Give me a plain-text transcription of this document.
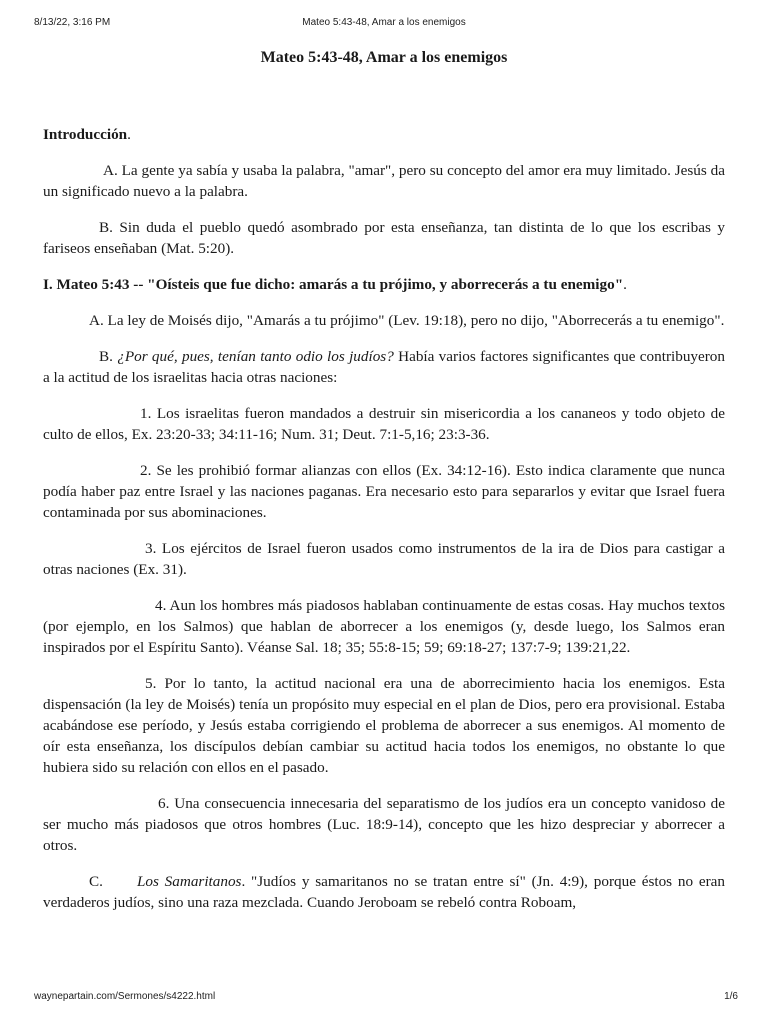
8/13/22, 3:16 PM	Mateo 5:43-48, Amar a los enemigos
Mateo 5:43-48, Amar a los enemigos

Introducción.

A. La gente ya sabía y usaba la palabra, "amar", pero su concepto del amor era muy limitado. Jesús da un significado nuevo a la palabra.

B. Sin duda el pueblo quedó asombrado por esta enseñanza, tan distinta de lo que los escribas y fariseos enseñaban (Mat. 5:20).

I. Mateo 5:43 -- "Oísteis que fue dicho: amarás a tu prójimo, y aborrecerás a tu enemigo".

A. La ley de Moisés dijo, "Amarás a tu prójimo" (Lev. 19:18), pero no dijo, "Aborrecerás a tu enemigo".

B. ¿Por qué, pues, tenían tanto odio los judíos? Había varios factores significantes que contribuyeron a la actitud de los israelitas hacia otras naciones:

1. Los israelitas fueron mandados a destruir sin misericordia a los cananeos y todo objeto de culto de ellos, Ex. 23:20-33; 34:11-16; Num. 31; Deut. 7:1-5,16; 23:3-36.

2. Se les prohibió formar alianzas con ellos (Ex. 34:12-16). Esto indica claramente que nunca podía haber paz entre Israel y las naciones paganas. Era necesario esto para separarlos y evitar que Israel fuera contaminada por sus abominaciones.

3. Los ejércitos de Israel fueron usados como instrumentos de la ira de Dios para castigar a otras naciones (Ex. 31).

4. Aun los hombres más piadosos hablaban continuamente de estas cosas. Hay muchos textos (por ejemplo, en los Salmos) que hablan de aborrecer a los enemigos (y, desde luego, los Salmos eran inspirados por el Espíritu Santo). Véanse Sal. 18; 35; 55:8-15; 59; 69:18-27; 137:7-9; 139:21,22.

5. Por lo tanto, la actitud nacional era una de aborrecimiento hacia los enemigos. Esta dispensación (la ley de Moisés) tenía un propósito muy especial en el plan de Dios, pero era provisional. Estaba acabándose ese período, y Jesús estaba corrigiendo el problema de aborrecer a sus enemigos. Al momento de oír esta enseñanza, los discípulos debían cambiar su actitud hacia todos los enemigos, no obstante lo que hubiera sido su relación con ellos en el pasado.

6. Una consecuencia innecesaria del separatismo de los judíos era un concepto vanidoso de ser mucho más piadosos que otros hombres (Luc. 18:9-14), concepto que les hizo despreciar y aborrecer a otros.

C. Los Samaritanos. "Judíos y samaritanos no se tratan entre sí" (Jn. 4:9), porque éstos no eran verdaderos judíos, sino una raza mezclada. Cuando Jeroboam se rebeló contra Roboam,

waynepartain.com/Sermones/s4222.html	1/6
